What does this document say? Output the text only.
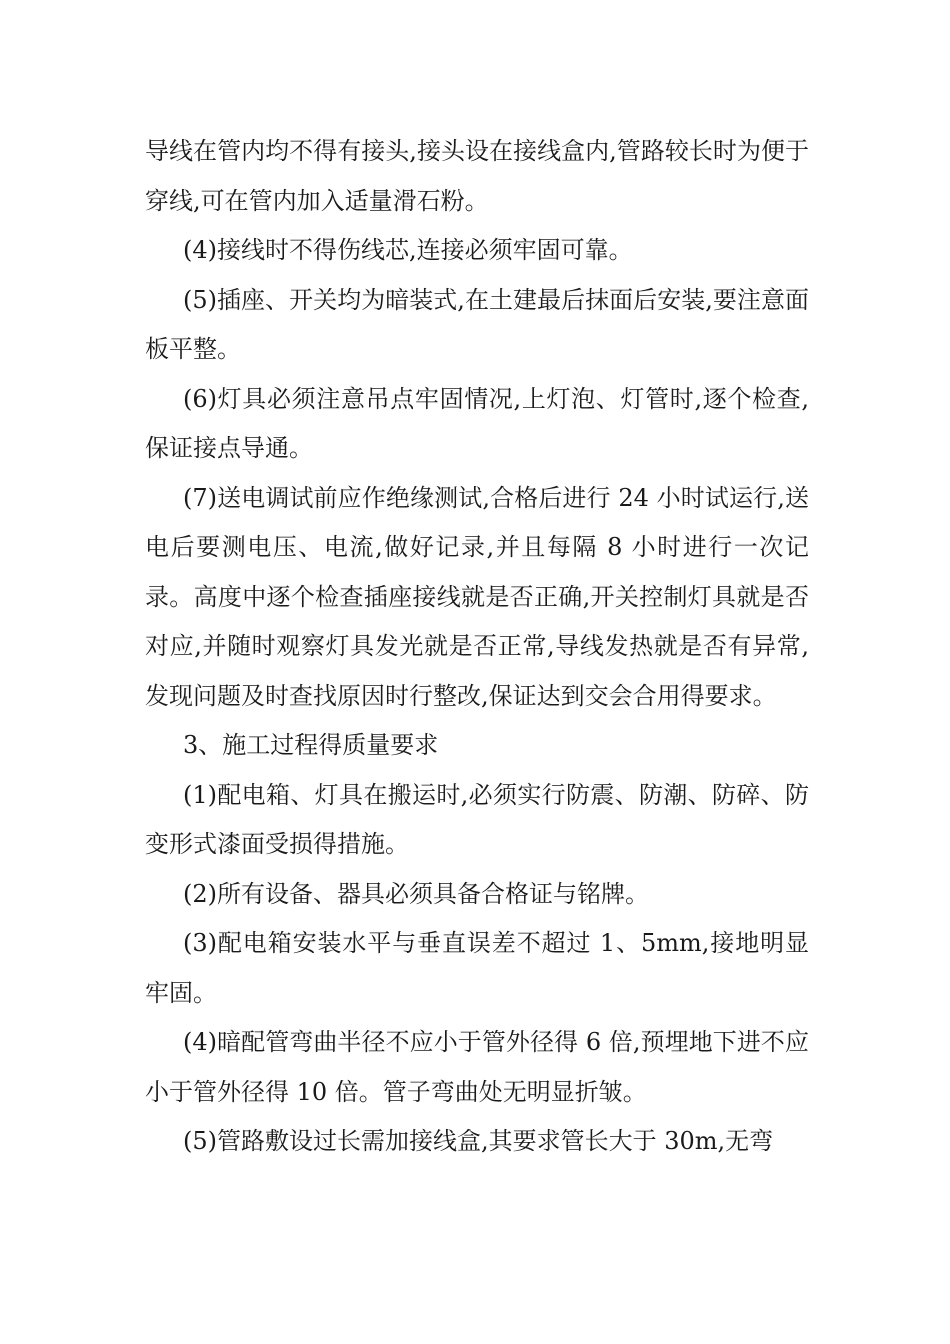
导线在管内均不得有接头,接头设在接线盒内,管路较长时为便于穿线,可在管内加入适量滑石粉。

(4)接线时不得伤线芯,连接必须牢固可靠。

(5)插座、开关均为暗装式,在土建最后抹面后安装,要注意面板平整。

(6)灯具必须注意吊点牢固情况,上灯泡、灯管时,逐个检查,保证接点导通。

(7)送电调试前应作绝缘测试,合格后进行 24 小时试运行,送电后要测电压、电流,做好记录,并且每隔 8 小时进行一次记录。高度中逐个检查插座接线就是否正确,开关控制灯具就是否对应,并随时观察灯具发光就是否正常,导线发热就是否有异常,发现问题及时查找原因时行整改,保证达到交会合用得要求。

3、施工过程得质量要求

(1)配电箱、灯具在搬运时,必须实行防震、防潮、防碎、防变形式漆面受损得措施。

(2)所有设备、器具必须具备合格证与铭牌。

(3)配电箱安装水平与垂直误差不超过 1、5mm,接地明显牢固。

(4)暗配管弯曲半径不应小于管外径得 6 倍,预埋地下进不应小于管外径得 10 倍。管子弯曲处无明显折皱。

(5)管路敷设过长需加接线盒,其要求管长大于 30m,无弯
